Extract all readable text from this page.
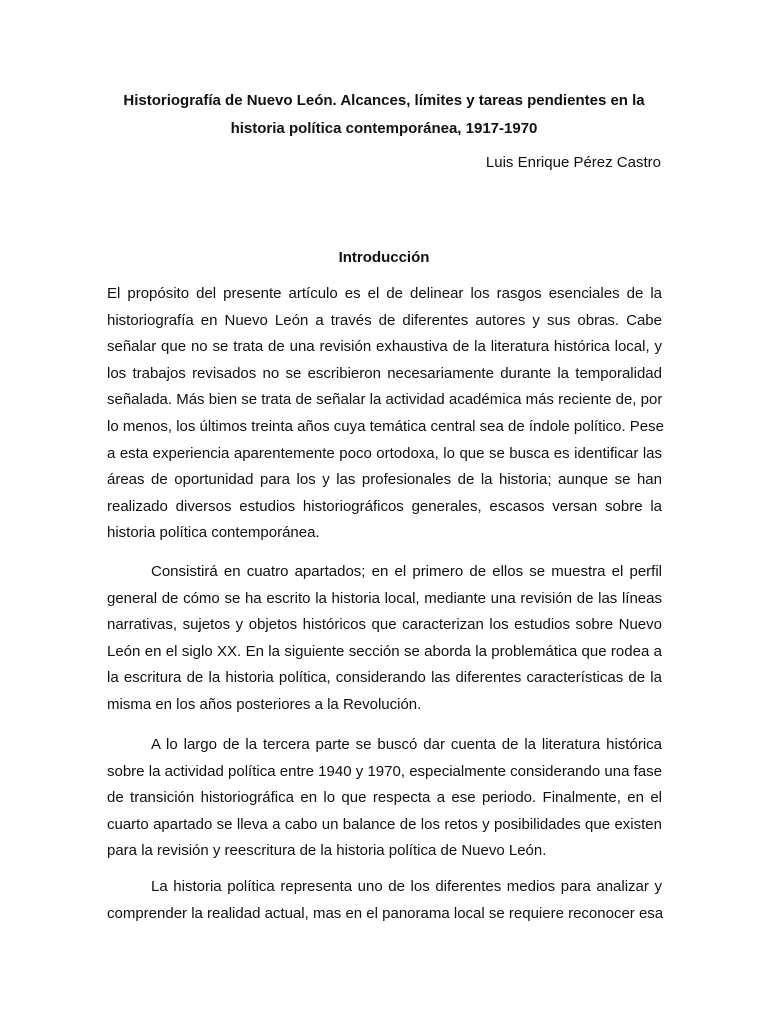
Historiografía de Nuevo León. Alcances, límites y tareas pendientes en la
historia política contemporánea, 1917-1970

Luis Enrique Pérez Castro

Introducción

El propósito del presente artículo es el de delinear los rasgos esenciales de la
historiografía en Nuevo León a través de diferentes autores y sus obras. Cabe
señalar que no se trata de una revisión exhaustiva de la literatura histórica local, y
los trabajos revisados no se escribieron necesariamente durante la temporalidad
señalada. Más bien se trata de señalar la actividad académica más reciente de, por
lo menos, los últimos treinta años cuya temática central sea de índole político. Pese
a esta experiencia aparentemente poco ortodoxa, lo que se busca es identificar las
áreas de oportunidad para los y las profesionales de la historia; aunque se han
realizado diversos estudios historiográficos generales, escasos versan sobre la
historia política contemporánea.
Consistirá en cuatro apartados; en el primero de ellos se muestra el perfil
general de cómo se ha escrito la historia local, mediante una revisión de las líneas
narrativas, sujetos y objetos históricos que caracterizan los estudios sobre Nuevo
León en el siglo XX. En la siguiente sección se aborda la problemática que rodea a
la escritura de la historia política, considerando las diferentes características de la
misma en los años posteriores a la Revolución.
A lo largo de la tercera parte se buscó dar cuenta de la literatura histórica
sobre la actividad política entre 1940 y 1970, especialmente considerando una fase
de transición historiográfica en lo que respecta a ese periodo. Finalmente, en el
cuarto apartado se lleva a cabo un balance de los retos y posibilidades que existen
para la revisión y reescritura de la historia política de Nuevo León.
La historia política representa uno de los diferentes medios para analizar y
comprender la realidad actual, mas en el panorama local se requiere reconocer esa
